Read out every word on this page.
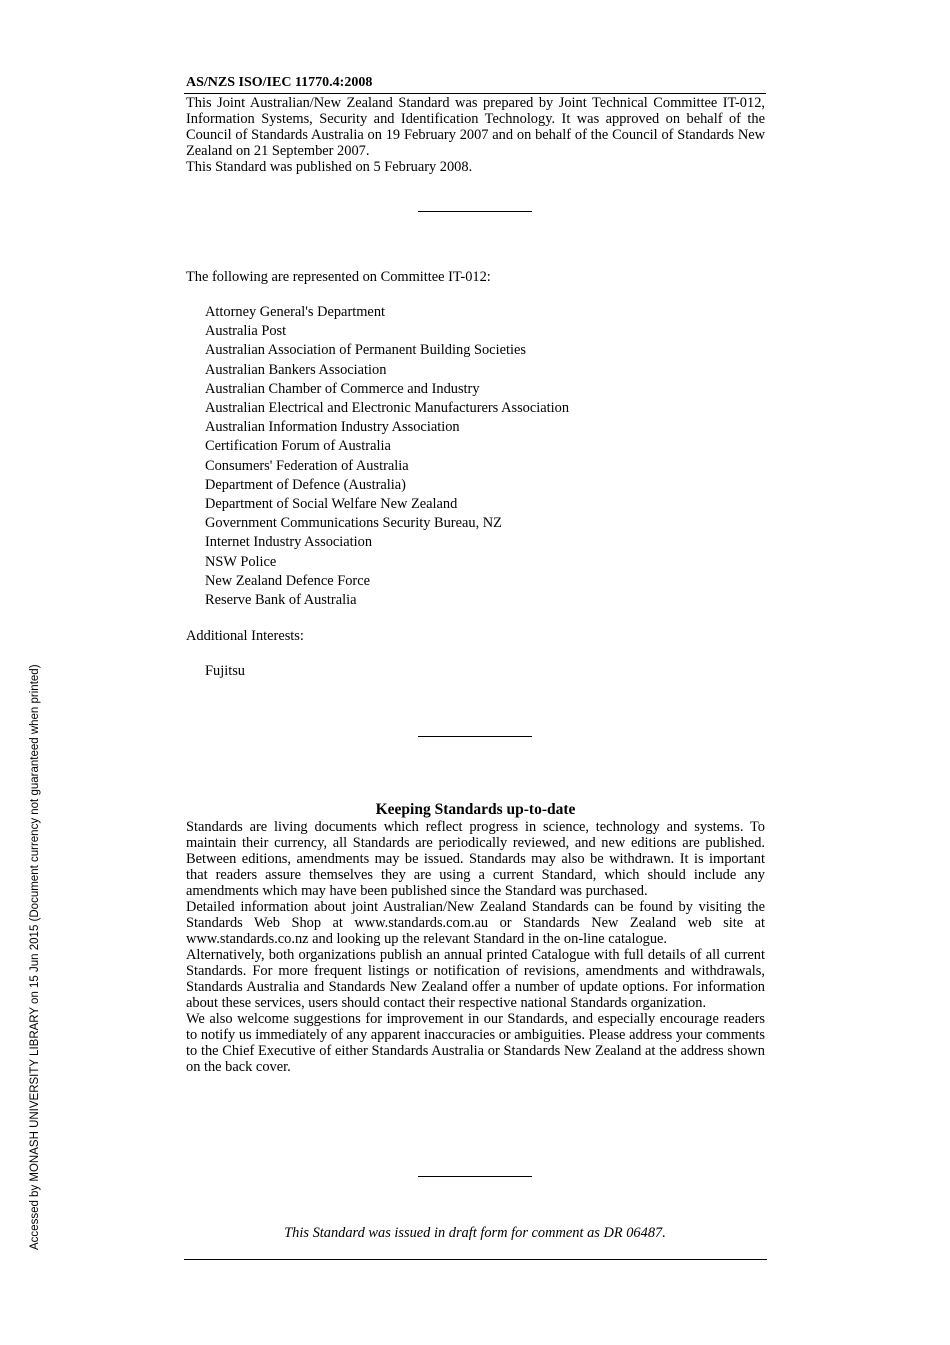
Accessed by MONASH UNIVERSITY LIBRARY on 15 Jun 2015 (Document currency not guaranteed when printed)
AS/NZS ISO/IEC 11770.4:2008

This Joint Australian/New Zealand Standard was prepared by Joint Technical Committee IT-012, Information Systems, Security and Identification Technology. It was approved on behalf of the Council of Standards Australia on 19 February 2007 and on behalf of the Council of Standards New Zealand on 21 September 2007.

This Standard was published on 5 February 2008.

The following are represented on Committee IT-012:
Attorney General's Department
Australia Post
Australian Association of Permanent Building Societies
Australian Bankers Association
Australian Chamber of Commerce and Industry
Australian Electrical and Electronic Manufacturers Association
Australian Information Industry Association
Certification Forum of Australia
Consumers' Federation of Australia
Department of Defence (Australia)
Department of Social Welfare New Zealand
Government Communications Security Bureau, NZ
Internet Industry Association
NSW Police
New Zealand Defence Force
Reserve Bank of Australia
Additional Interests:
Fujitsu
Keeping Standards up-to-date

Standards are living documents which reflect progress in science, technology and systems. To maintain their currency, all Standards are periodically reviewed, and new editions are published. Between editions, amendments may be issued. Standards may also be withdrawn. It is important that readers assure themselves they are using a current Standard, which should include any amendments which may have been published since the Standard was purchased.

Detailed information about joint Australian/New Zealand Standards can be found by visiting the Standards Web Shop at www.standards.com.au or Standards New Zealand web site at www.standards.co.nz and looking up the relevant Standard in the on-line catalogue.

Alternatively, both organizations publish an annual printed Catalogue with full details of all current Standards. For more frequent listings or notification of revisions, amendments and withdrawals, Standards Australia and Standards New Zealand offer a number of update options. For information about these services, users should contact their respective national Standards organization.

We also welcome suggestions for improvement in our Standards, and especially encourage readers to notify us immediately of any apparent inaccuracies or ambiguities. Please address your comments to the Chief Executive of either Standards Australia or Standards New Zealand at the address shown on the back cover.

This Standard was issued in draft form for comment as DR 06487.
